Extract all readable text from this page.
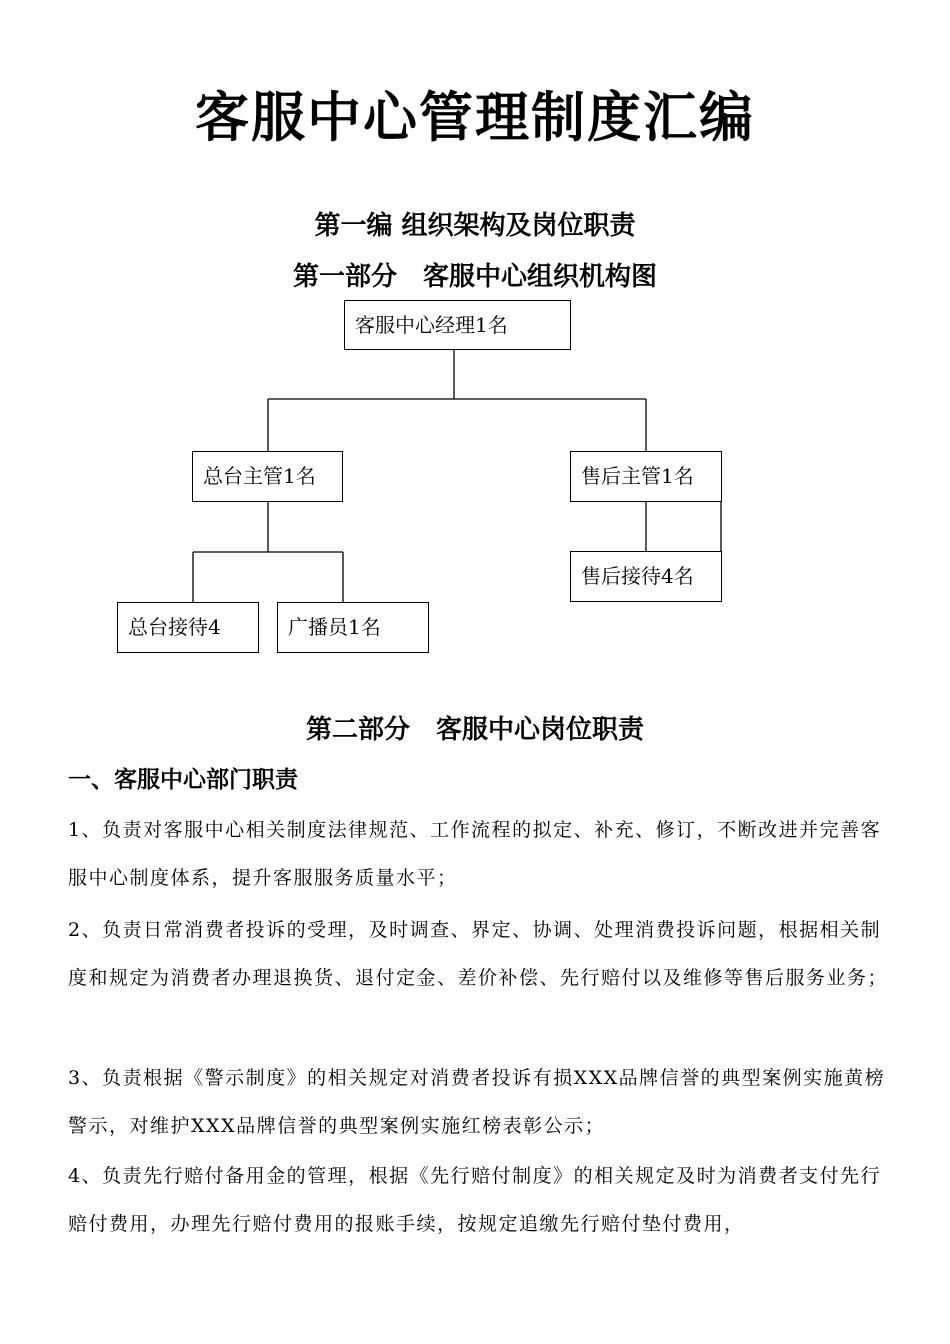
客服中心管理制度汇编
第一编 组织架构及岗位职责
第一部分　客服中心组织机构图
客服中心经理1名
总台主管1名	售后主管1名
售后接待4名
总台接待4	广播员1名
第二部分　客服中心岗位职责
一、客服中心部门职责

1、负责对客服中心相关制度法律规范、工作流程的拟定、补充、修订，不断改进并完善客服中心制度体系，提升客服服务质量水平；

2、负责日常消费者投诉的受理，及时调查、界定、协调、处理消费投诉问题，根据相关制度和规定为消费者办理退换货、退付定金、差价补偿、先行赔付以及维修等售后服务业务；

3、负责根据《警示制度》的相关规定对消费者投诉有损XXX品牌信誉的典型案例实施黄榜警示，对维护XXX品牌信誉的典型案例实施红榜表彰公示；

4、负责先行赔付备用金的管理，根据《先行赔付制度》的相关规定及时为消费者支付先行赔付费用，办理先行赔付费用的报账手续，按规定追缴先行赔付垫付费用，
